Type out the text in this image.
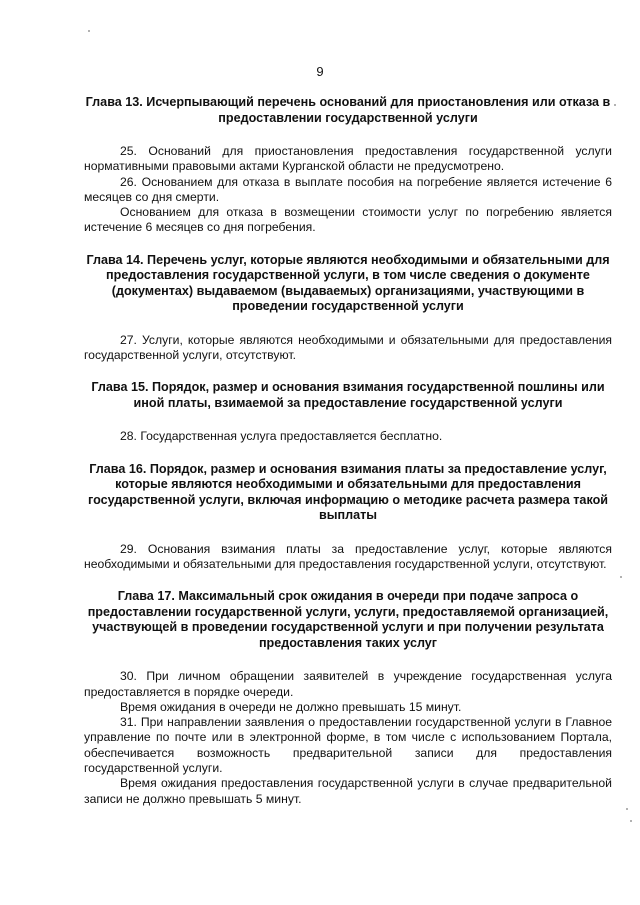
9

Глава 13. Исчерпывающий перечень оснований для приостановления или отказа в предоставлении государственной услуги

25. Оснований для приостановления предоставления государственной услуги нормативными правовыми актами Курганской области не предусмотрено.

26. Основанием для отказа в выплате пособия на погребение является истечение 6 месяцев со дня смерти.

Основанием для отказа в возмещении стоимости услуг по погребению является истечение 6 месяцев со дня погребения.

Глава 14. Перечень услуг, которые являются необходимыми и обязательными для предоставления государственной услуги, в том числе сведения о документе (документах) выдаваемом (выдаваемых) организациями, участвующими в проведении государственной услуги

27. Услуги, которые являются необходимыми и обязательными для предоставления государственной услуги, отсутствуют.

Глава 15. Порядок, размер и основания взимания государственной пошлины или иной платы, взимаемой за предоставление государственной услуги

28. Государственная услуга предоставляется бесплатно.

Глава 16. Порядок, размер и основания взимания платы за предоставление услуг, которые являются необходимыми и обязательными для предоставления государственной услуги, включая информацию о методике расчета размера такой выплаты

29. Основания взимания платы за предоставление услуг, которые являются необходимыми и обязательными для предоставления государственной услуги, отсутствуют.

Глава 17. Максимальный срок ожидания в очереди при подаче запроса о предоставлении государственной услуги, услуги, предоставляемой организацией, участвующей в проведении государственной услуги и при получении результата предоставления таких услуг

30. При личном обращении заявителей в учреждение государственная услуга предоставляется в порядке очереди.

Время ожидания в очереди не должно превышать 15 минут.

31. При направлении заявления о предоставлении государственной услуги в Главное управление по почте или в электронной форме, в том числе с использованием Портала, обеспечивается возможность предварительной записи для предоставления государственной услуги.

Время ожидания предоставления государственной услуги в случае предварительной записи не должно превышать 5 минут.
